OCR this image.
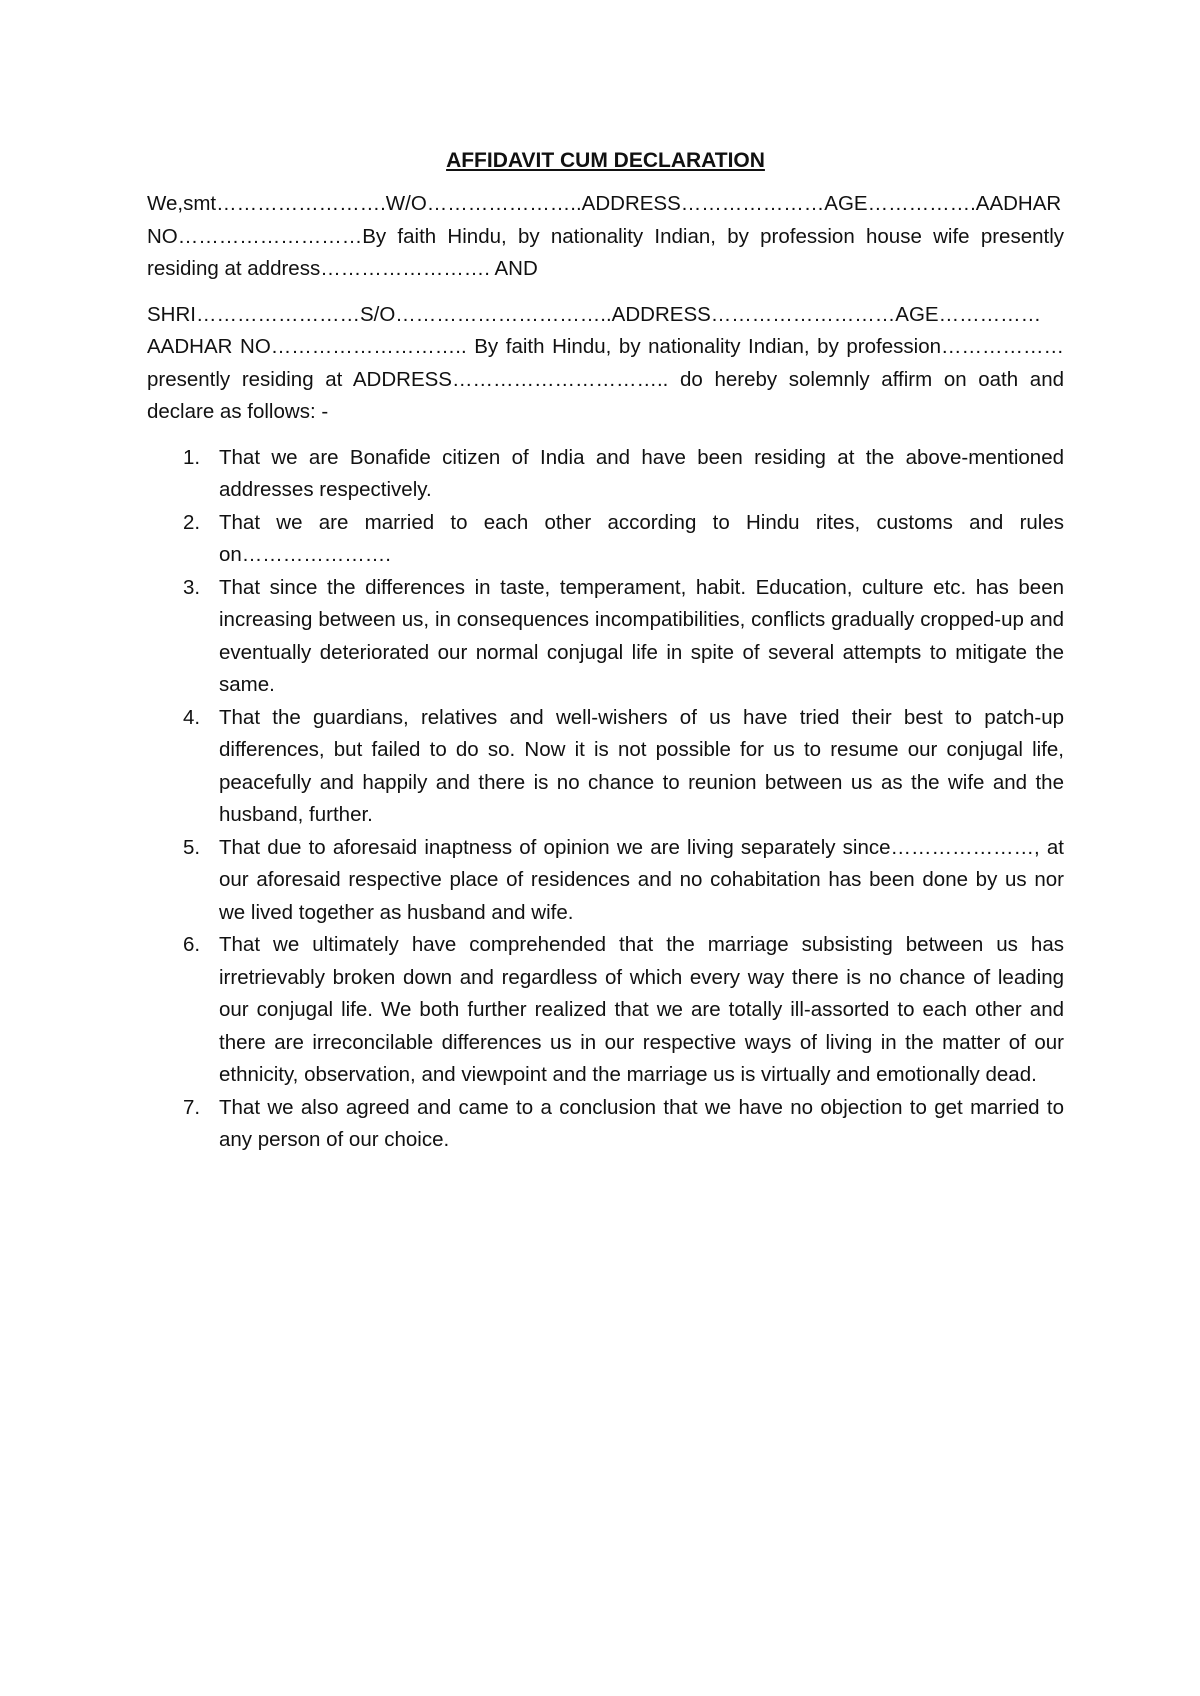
AFFIDAVIT CUM DECLARATION

We,smt…………………….W/O…………………..ADDRESS…………………AGE…………….AADHAR NO………………………By faith Hindu, by nationality Indian, by profession house wife presently residing at address……………………. AND

SHRI……………………S/O…………………………..ADDRESS………………………AGE……………AADHAR NO……………………….. By faith Hindu, by nationality Indian, by profession……………… presently residing at ADDRESS………………………….. do hereby solemnly affirm on oath and declare as follows: -

1. That we are Bonafide citizen of India and have been residing at the above-mentioned addresses respectively.
2. That we are married to each other according to Hindu rites, customs and rules on………………….
3. That since the differences in taste, temperament, habit. Education, culture etc. has been increasing between us, in consequences incompatibilities, conflicts gradually cropped-up and eventually deteriorated our normal conjugal life in spite of several attempts to mitigate the same.
4. That the guardians, relatives and well-wishers of us have tried their best to patch-up differences, but failed to do so. Now it is not possible for us to resume our conjugal life, peacefully and happily and there is no chance to reunion between us as the wife and the husband, further.
5. That due to aforesaid inaptness of opinion we are living separately since…………………, at our aforesaid respective place of residences and no cohabitation has been done by us nor we lived together as husband and wife.
6. That we ultimately have comprehended that the marriage subsisting between us has irretrievably broken down and regardless of which every way there is no chance of leading our conjugal life. We both further realized that we are totally ill-assorted to each other and there are irreconcilable differences us in our respective ways of living in the matter of our ethnicity, observation, and viewpoint and the marriage us is virtually and emotionally dead.
7. That we also agreed and came to a conclusion that we have no objection to get married to any person of our choice.
